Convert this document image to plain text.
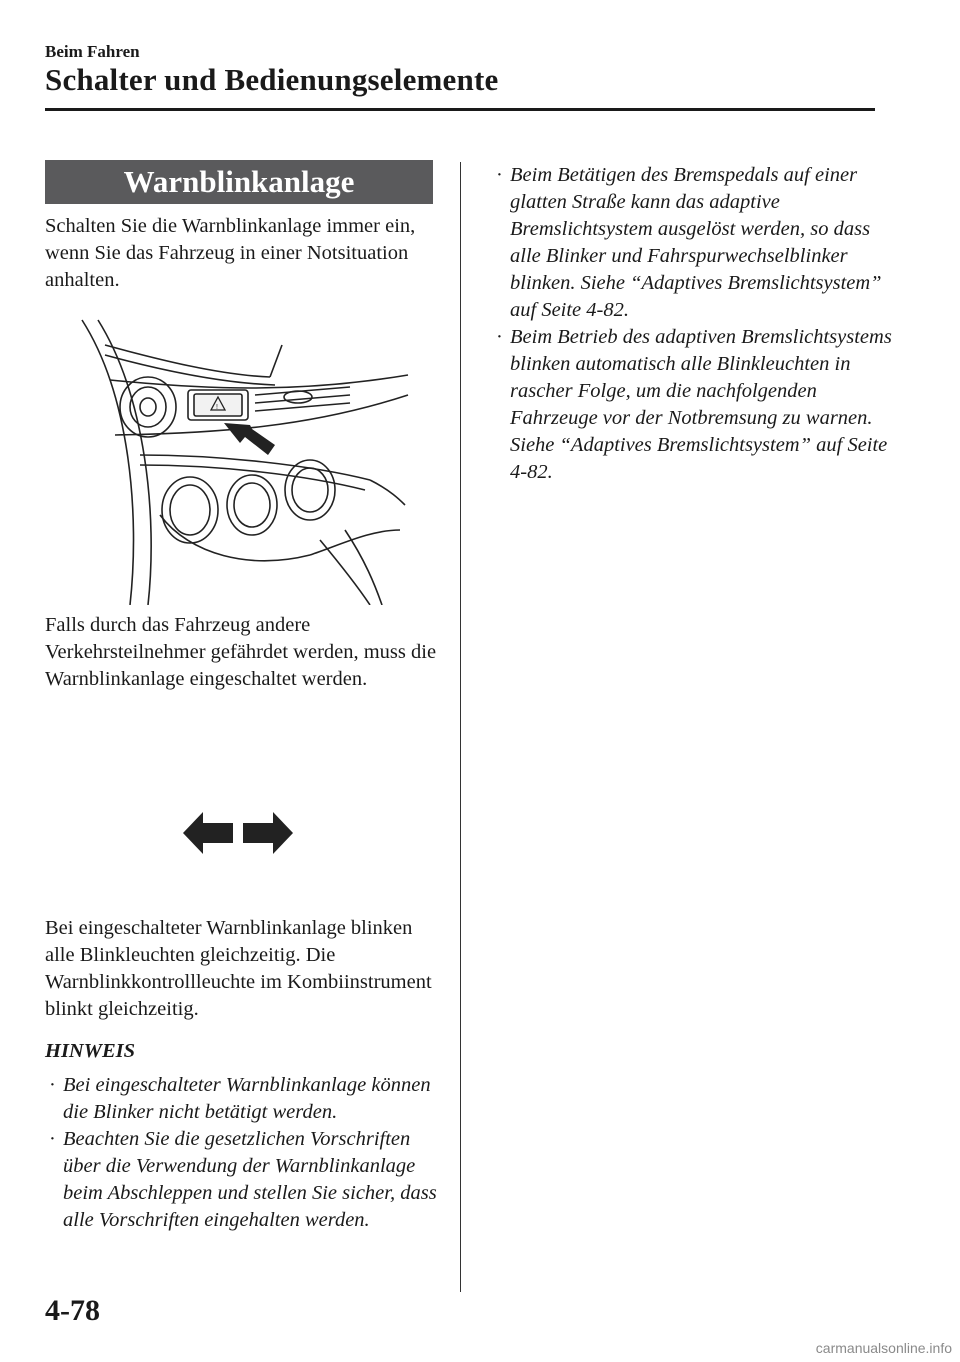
Beim Fahren
Schalter und Bedienungselemente
Warnblinkanlage

Schalten Sie die Warnblinkanlage immer ein, wenn Sie das Fahrzeug in einer Notsituation anhalten.

!

Falls durch das Fahrzeug andere Verkehrsteilnehmer gefährdet werden, muss die Warnblinkanlage eingeschaltet werden.

Bei eingeschalteter Warnblinkanlage blinken alle Blinkleuchten gleichzeitig. Die Warnblinkkontrollleuchte im Kombiinstrument blinkt gleichzeitig.

HINWEIS
· Bei eingeschalteter Warnblinkanlage können die Blinker nicht betätigt werden.
· Beachten Sie die gesetzlichen Vorschriften über die Verwendung der Warnblinkanlage beim Abschleppen und stellen Sie sicher, dass alle Vorschriften eingehalten werden.
· Beim Betätigen des Bremspedals auf einer glatten Straße kann das adaptive Bremslichtsystem ausgelöst werden, so dass alle Blinker und Fahrspurwechselblinker blinken. Siehe “Adaptives Bremslichtsystem” auf Seite 4-82.
· Beim Betrieb des adaptiven Bremslichtsystems blinken automatisch alle Blinkleuchten in rascher Folge, um die nachfolgenden Fahrzeuge vor der Notbremsung zu warnen. Siehe “Adaptives Bremslichtsystem” auf Seite 4-82.
4-78
carmanualsonline.info
